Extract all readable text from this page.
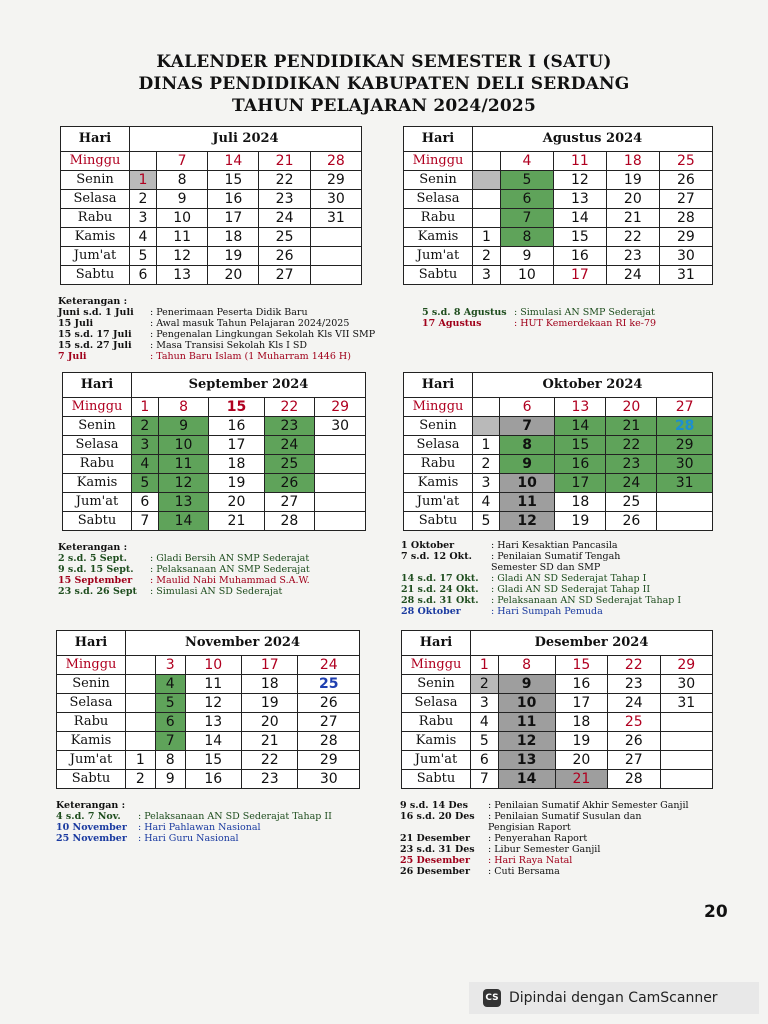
KALENDER PENDIDIKAN SEMESTER I (SATU)
DINAS PENDIDIKAN KABUPATEN DELI SERDANG
TAHUN PELAJARAN 2024/2025
Hari	Juli 2024				
Minggu		7	14	21	28
Senin	1	8	15	22	29
Selasa	2	9	16	23	30
Rabu	3	10	17	24	31
Kamis	4	11	18	25	
Jum'at	5	12	19	26	
Sabtu	6	13	20	27	
Hari	Agustus 2024				
Minggu		4	11	18	25
Senin		5	12	19	26
Selasa		6	13	20	27
Rabu		7	14	21	28
Kamis	1	8	15	22	29
Jum'at	2	9	16	23	30
Sabtu	3	10	17	24	31
Hari	September 2024				
Minggu	1	8	15	22	29
Senin	2	9	16	23	30
Selasa	3	10	17	24	
Rabu	4	11	18	25	
Kamis	5	12	19	26	
Jum'at	6	13	20	27	
Sabtu	7	14	21	28	
Hari	Oktober 2024				
Minggu		6	13	20	27
Senin		7	14	21	28
Selasa	1	8	15	22	29
Rabu	2	9	16	23	30
Kamis	3	10	17	24	31
Jum'at	4	11	18	25	
Sabtu	5	12	19	26	
Hari	November 2024				
Minggu		3	10	17	24
Senin		4	11	18	25
Selasa		5	12	19	26
Rabu		6	13	20	27
Kamis		7	14	21	28
Jum'at	1	8	15	22	29
Sabtu	2	9	16	23	30
Hari	Desember 2024				
Minggu	1	8	15	22	29
Senin	2	9	16	23	30
Selasa	3	10	17	24	31
Rabu	4	11	18	25	
Kamis	5	12	19	26	
Jum'at	6	13	20	27	
Sabtu	7	14	21	28	
Keterangan :
Juni s.d. 1 Juli	: Penerimaan Peserta Didik Baru
15 Juli	: Awal masuk Tahun Pelajaran 2024/2025
15 s.d. 17 Juli	: Pengenalan Lingkungan Sekolah Kls VII SMP
15 s.d. 27 Juli	: Masa Transisi Sekolah Kls I SD
7 Juli	: Tahun Baru Islam (1 Muharram 1446 H)
5 s.d. 8 Agustus : Simulasi AN SMP Sederajat
17 Agustus	: HUT Kemerdekaan RI ke-79
Keterangan :
2 s.d. 5 Sept.	: Gladi Bersih AN SMP Sederajat
9 s.d. 15 Sept.	: Pelaksanaan AN SMP Sederajat
15 September	: Maulid Nabi Muhammad S.A.W.
23 s.d. 26 Sept	: Simulasi AN SD Sederajat
1 Oktober	: Hari Kesaktian Pancasila
7 s.d. 12 Okt.	: Penilaian Sumatif Tengah
Semester SD dan SMP
14 s.d. 17 Okt.	: Gladi AN SD Sederajat Tahap I
21 s.d. 24 Okt.	: Gladi AN SD Sederajat Tahap II
28 s.d. 31 Okt.	: Pelaksanaan AN SD Sederajat Tahap I
28 Oktober	: Hari Sumpah Pemuda
Keterangan :
4 s.d. 7 Nov.	: Pelaksanaan AN SD Sederajat Tahap II
10 November	: Hari Pahlawan Nasional
25 November	: Hari Guru Nasional
9 s.d. 14 Des	: Penilaian Sumatif Akhir Semester Ganjil
16 s.d. 20 Des	: Penilaian Sumatif Susulan dan
Pengisian Raport
21 Desember	: Penyerahan Raport
23 s.d. 31 Des	: Libur Semester Ganjil
25 Desember	: Hari Raya Natal
26 Desember	: Cuti Bersama
20
CS Dipindai dengan CamScanner
